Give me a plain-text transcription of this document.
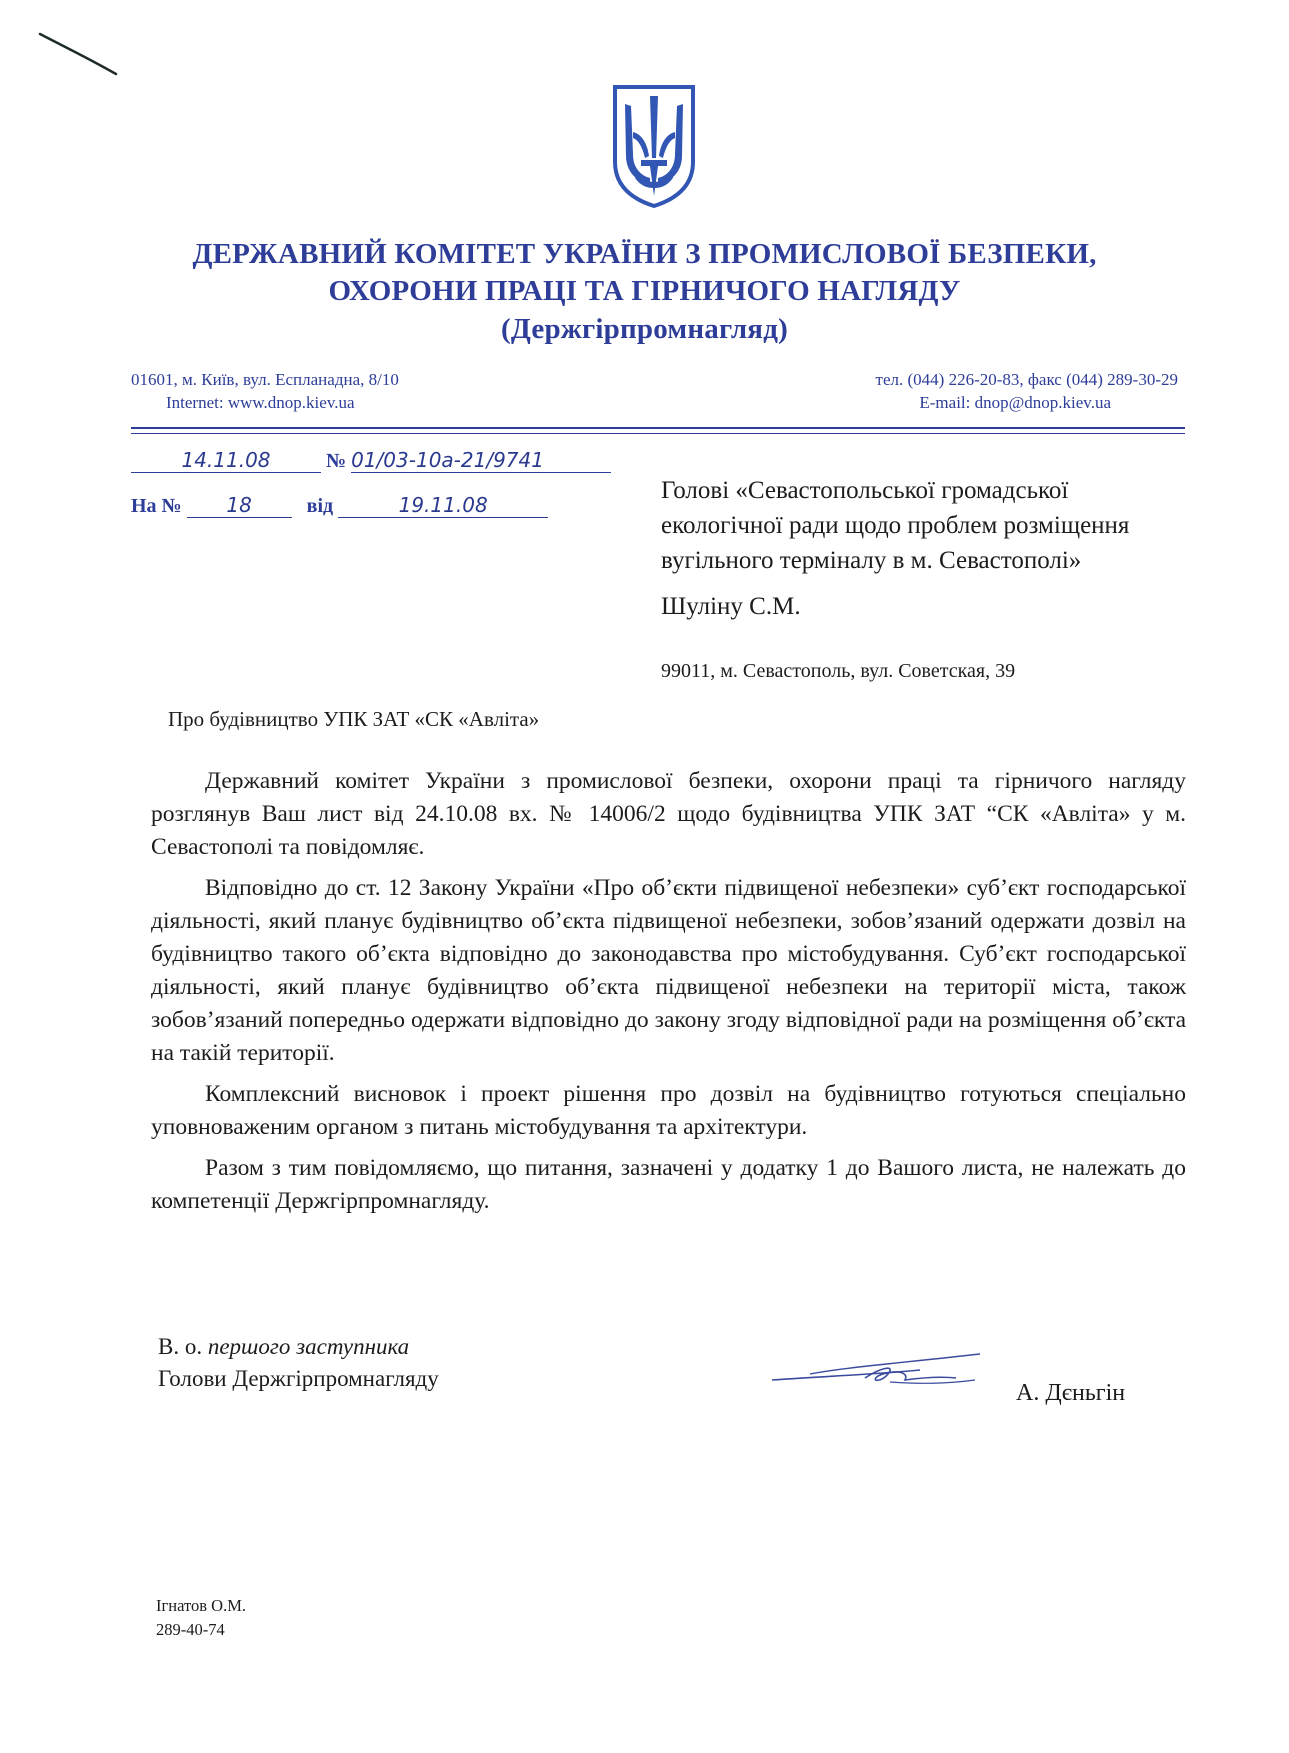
ДЕРЖАВНИЙ КОМІТЕТ УКРАЇНИ З ПРОМИСЛОВОЇ БЕЗПЕКИ,
ОХОРОНИ ПРАЦІ ТА ГІРНИЧОГО НАГЛЯДУ
(Держгірпромнагляд)
01601, м. Київ, вул. Еспланадна, 8/10
Internet: www.dnop.kiev.ua
тел. (044) 226-20-83, факс (044) 289-30-29
E-mail: dnop@dnop.kiev.ua
14.11.08	№ 01/03-10а-21/9741
На № 18	від	19.11.08
Голові «Севастопольської громадської
екологічної ради щодо проблем розміщення
вугільного терміналу в м. Севастополі»
Шуліну С.М.
99011, м. Севастополь, вул. Советская, 39
Про будівництво УПК ЗАТ «СК «Авліта»

Державний комітет України з промислової безпеки, охорони праці та гірничого нагляду розглянув Ваш лист від 24.10.08 вх. № 14006/2 щодо будівництва УПК ЗАТ “СК «Авліта» у м. Севастополі та повідомляє.

Відповідно до ст. 12 Закону України «Про об’єкти підвищеної небезпеки» суб’єкт господарської діяльності, який планує будівництво об’єкта підвищеної небезпеки, зобов’язаний одержати дозвіл на будівництво такого об’єкта відповідно до законодавства про містобудування. Суб’єкт господарської діяльності, який планує будівництво об’єкта підвищеної небезпеки на території міста, також зобов’язаний попередньо одержати відповідно до закону згоду відповідної ради на розміщення об’єкта на такій території.

Комплексний висновок і проект рішення про дозвіл на будівництво готуються спеціально уповноваженим органом з питань містобудування та архітектури.

Разом з тим повідомляємо, що питання, зазначені у додатку 1 до Вашого листа, не належать до компетенції Держгірпромнагляду.

В. о. першого заступника
Голови Держгірпромнагляду
А. Дєньгін
Ігнатов О.М.
289-40-74
